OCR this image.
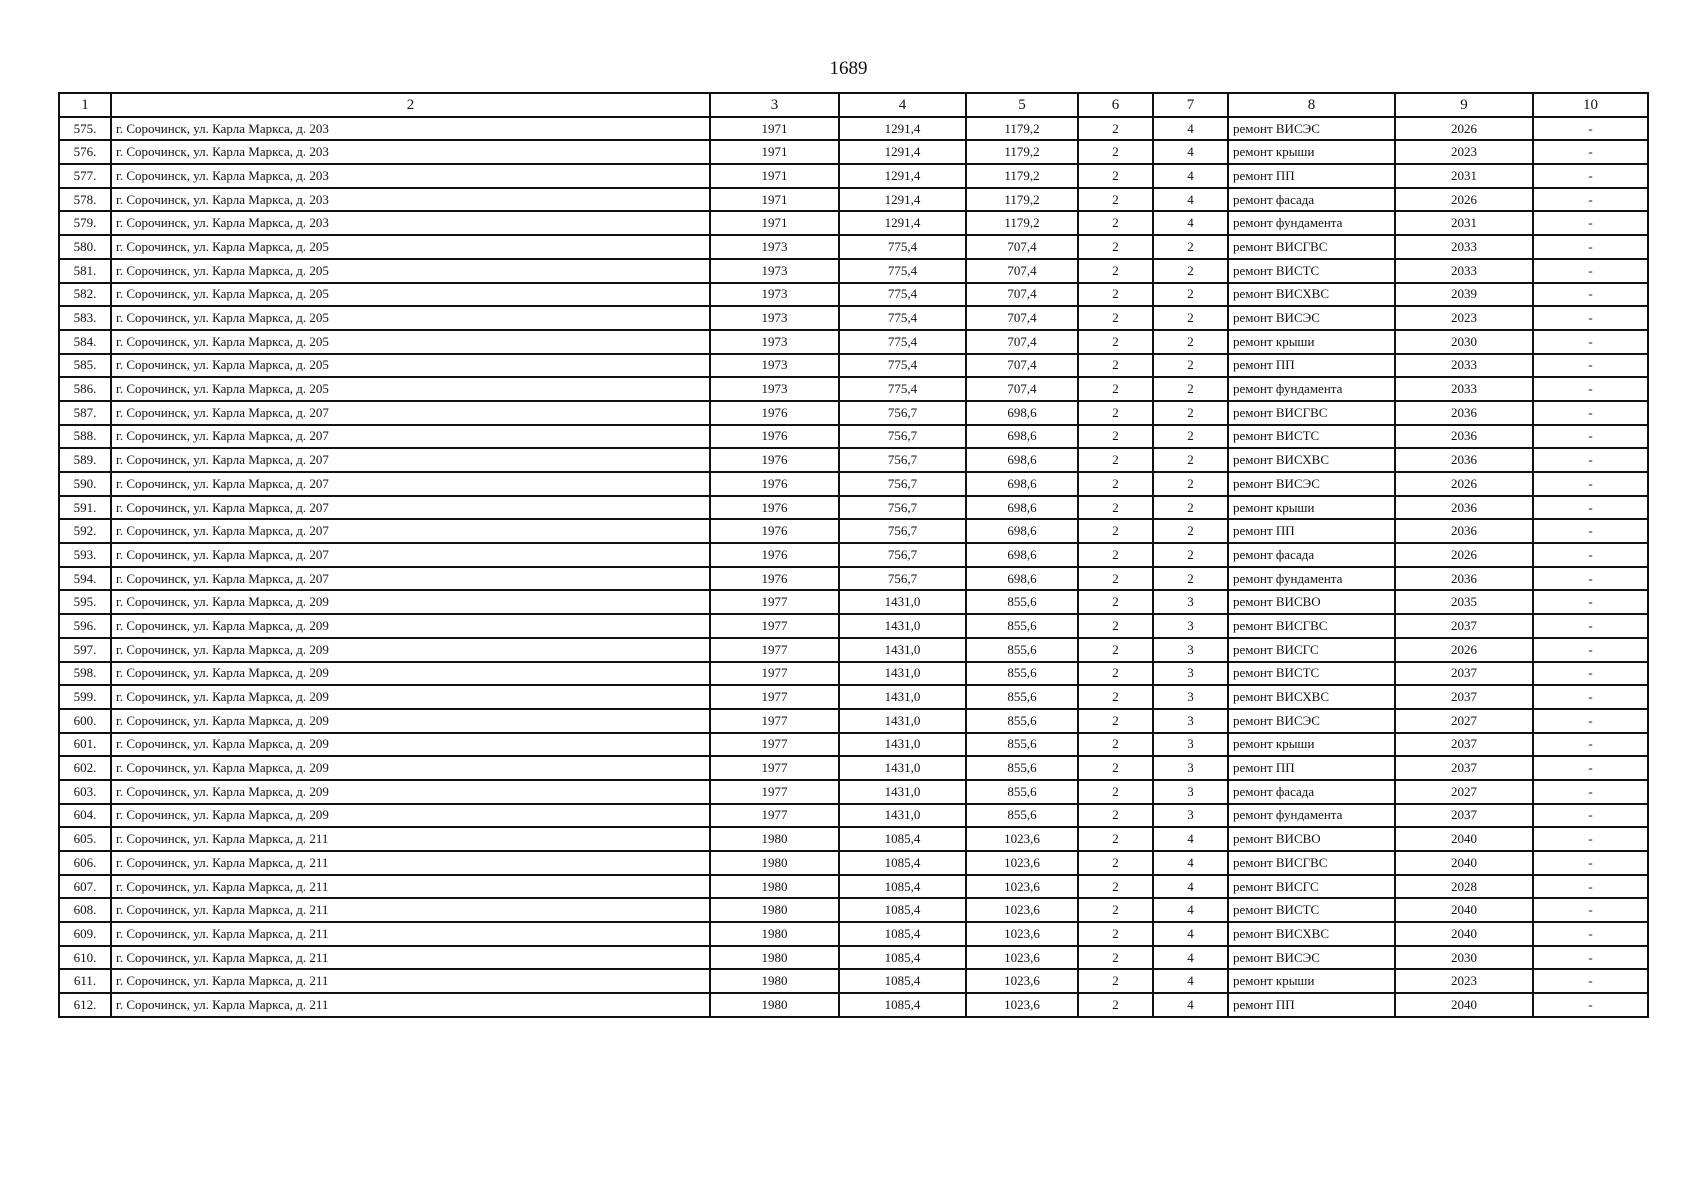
1689
1	2	3	4	5	6	7	8	9	10
575.	г. Сорочинск, ул. Карла Маркса, д. 203	1971	1291,4	1179,2	2	4	ремонт ВИСЭС	2026	-
576.	г. Сорочинск, ул. Карла Маркса, д. 203	1971	1291,4	1179,2	2	4	ремонт крыши	2023	-
577.	г. Сорочинск, ул. Карла Маркса, д. 203	1971	1291,4	1179,2	2	4	ремонт ПП	2031	-
578.	г. Сорочинск, ул. Карла Маркса, д. 203	1971	1291,4	1179,2	2	4	ремонт фасада	2026	-
579.	г. Сорочинск, ул. Карла Маркса, д. 203	1971	1291,4	1179,2	2	4	ремонт фундамента	2031	-
580.	г. Сорочинск, ул. Карла Маркса, д. 205	1973	775,4	707,4	2	2	ремонт ВИСГВС	2033	-
581.	г. Сорочинск, ул. Карла Маркса, д. 205	1973	775,4	707,4	2	2	ремонт ВИСТС	2033	-
582.	г. Сорочинск, ул. Карла Маркса, д. 205	1973	775,4	707,4	2	2	ремонт ВИСХВС	2039	-
583.	г. Сорочинск, ул. Карла Маркса, д. 205	1973	775,4	707,4	2	2	ремонт ВИСЭС	2023	-
584.	г. Сорочинск, ул. Карла Маркса, д. 205	1973	775,4	707,4	2	2	ремонт крыши	2030	-
585.	г. Сорочинск, ул. Карла Маркса, д. 205	1973	775,4	707,4	2	2	ремонт ПП	2033	-
586.	г. Сорочинск, ул. Карла Маркса, д. 205	1973	775,4	707,4	2	2	ремонт фундамента	2033	-
587.	г. Сорочинск, ул. Карла Маркса, д. 207	1976	756,7	698,6	2	2	ремонт ВИСГВС	2036	-
588.	г. Сорочинск, ул. Карла Маркса, д. 207	1976	756,7	698,6	2	2	ремонт ВИСТС	2036	-
589.	г. Сорочинск, ул. Карла Маркса, д. 207	1976	756,7	698,6	2	2	ремонт ВИСХВС	2036	-
590.	г. Сорочинск, ул. Карла Маркса, д. 207	1976	756,7	698,6	2	2	ремонт ВИСЭС	2026	-
591.	г. Сорочинск, ул. Карла Маркса, д. 207	1976	756,7	698,6	2	2	ремонт крыши	2036	-
592.	г. Сорочинск, ул. Карла Маркса, д. 207	1976	756,7	698,6	2	2	ремонт ПП	2036	-
593.	г. Сорочинск, ул. Карла Маркса, д. 207	1976	756,7	698,6	2	2	ремонт фасада	2026	-
594.	г. Сорочинск, ул. Карла Маркса, д. 207	1976	756,7	698,6	2	2	ремонт фундамента	2036	-
595.	г. Сорочинск, ул. Карла Маркса, д. 209	1977	1431,0	855,6	2	3	ремонт ВИСВО	2035	-
596.	г. Сорочинск, ул. Карла Маркса, д. 209	1977	1431,0	855,6	2	3	ремонт ВИСГВС	2037	-
597.	г. Сорочинск, ул. Карла Маркса, д. 209	1977	1431,0	855,6	2	3	ремонт ВИСГС	2026	-
598.	г. Сорочинск, ул. Карла Маркса, д. 209	1977	1431,0	855,6	2	3	ремонт ВИСТС	2037	-
599.	г. Сорочинск, ул. Карла Маркса, д. 209	1977	1431,0	855,6	2	3	ремонт ВИСХВС	2037	-
600.	г. Сорочинск, ул. Карла Маркса, д. 209	1977	1431,0	855,6	2	3	ремонт ВИСЭС	2027	-
601.	г. Сорочинск, ул. Карла Маркса, д. 209	1977	1431,0	855,6	2	3	ремонт крыши	2037	-
602.	г. Сорочинск, ул. Карла Маркса, д. 209	1977	1431,0	855,6	2	3	ремонт ПП	2037	-
603.	г. Сорочинск, ул. Карла Маркса, д. 209	1977	1431,0	855,6	2	3	ремонт фасада	2027	-
604.	г. Сорочинск, ул. Карла Маркса, д. 209	1977	1431,0	855,6	2	3	ремонт фундамента	2037	-
605.	г. Сорочинск, ул. Карла Маркса, д. 211	1980	1085,4	1023,6	2	4	ремонт ВИСВО	2040	-
606.	г. Сорочинск, ул. Карла Маркса, д. 211	1980	1085,4	1023,6	2	4	ремонт ВИСГВС	2040	-
607.	г. Сорочинск, ул. Карла Маркса, д. 211	1980	1085,4	1023,6	2	4	ремонт ВИСГС	2028	-
608.	г. Сорочинск, ул. Карла Маркса, д. 211	1980	1085,4	1023,6	2	4	ремонт ВИСТС	2040	-
609.	г. Сорочинск, ул. Карла Маркса, д. 211	1980	1085,4	1023,6	2	4	ремонт ВИСХВС	2040	-
610.	г. Сорочинск, ул. Карла Маркса, д. 211	1980	1085,4	1023,6	2	4	ремонт ВИСЭС	2030	-
611.	г. Сорочинск, ул. Карла Маркса, д. 211	1980	1085,4	1023,6	2	4	ремонт крыши	2023	-
612.	г. Сорочинск, ул. Карла Маркса, д. 211	1980	1085,4	1023,6	2	4	ремонт ПП	2040	-
